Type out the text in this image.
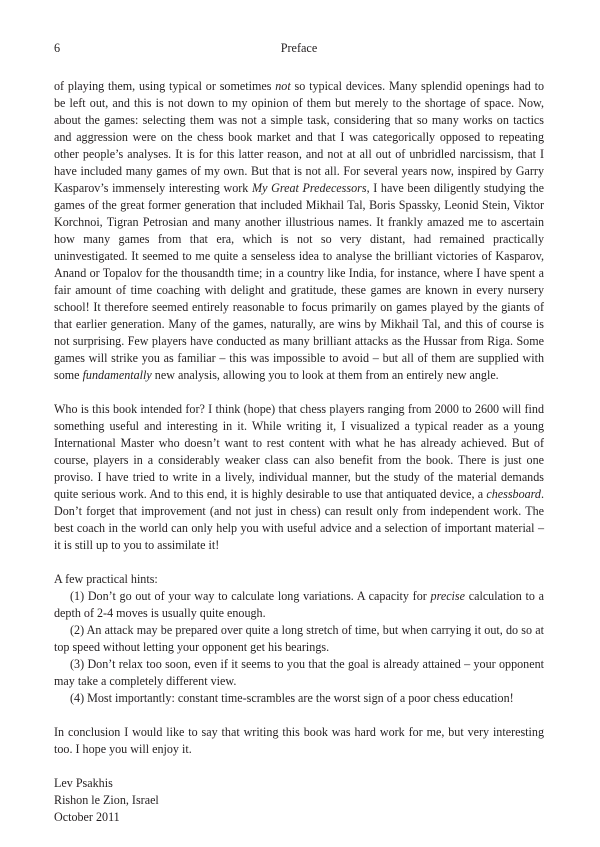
6	Preface

of playing them, using typical or sometimes not so typical devices. Many splendid openings had to be left out, and this is not down to my opinion of them but merely to the shortage of space. Now, about the games: selecting them was not a simple task, considering that so many works on tactics and aggression were on the chess book market and that I was categorically opposed to repeating other people’s analyses. It is for this latter reason, and not at all out of unbridled narcissism, that I have included many games of my own. But that is not all. For several years now, inspired by Garry Kasparov’s immensely interesting work My Great Predecessors, I have been diligently studying the games of the great former generation that included Mikhail Tal, Boris Spassky, Leonid Stein, Viktor Korchnoi, Tigran Petrosian and many another illustrious names. It frankly amazed me to ascertain how many games from that era, which is not so very distant, had remained practically uninvestigated. It seemed to me quite a senseless idea to analyse the brilliant victories of Kasparov, Anand or Topalov for the thousandth time; in a country like India, for instance, where I have spent a fair amount of time coaching with delight and gratitude, these games are known in every nursery school! It therefore seemed entirely reasonable to focus primarily on games played by the giants of that earlier generation. Many of the games, naturally, are wins by Mikhail Tal, and this of course is not surprising. Few players have conducted as many brilliant attacks as the Hussar from Riga. Some games will strike you as familiar – this was impossible to avoid – but all of them are supplied with some fundamentally new analysis, allowing you to look at them from an entirely new angle.

Who is this book intended for? I think (hope) that chess players ranging from 2000 to 2600 will find something useful and interesting in it. While writing it, I visualized a typical reader as a young International Master who doesn’t want to rest content with what he has already achieved. But of course, players in a considerably weaker class can also benefit from the book. There is just one proviso. I have tried to write in a lively, individual manner, but the study of the material demands quite serious work. And to this end, it is highly desirable to use that antiquated device, a chessboard. Don’t forget that improvement (and not just in chess) can result only from independent work. The best coach in the world can only help you with useful advice and a selection of important material – it is still up to you to assimilate it!

A few practical hints:

(1) Don’t go out of your way to calculate long variations. A capacity for precise calculation to a depth of 2-4 moves is usually quite enough.

(2) An attack may be prepared over quite a long stretch of time, but when carrying it out, do so at top speed without letting your opponent get his bearings.

(3) Don’t relax too soon, even if it seems to you that the goal is already attained – your opponent may take a completely different view.

(4) Most importantly: constant time-scrambles are the worst sign of a poor chess education!

In conclusion I would like to say that writing this book was hard work for me, but very interesting too. I hope you will enjoy it.

Lev Psakhis

Rishon le Zion, Israel

October 2011
